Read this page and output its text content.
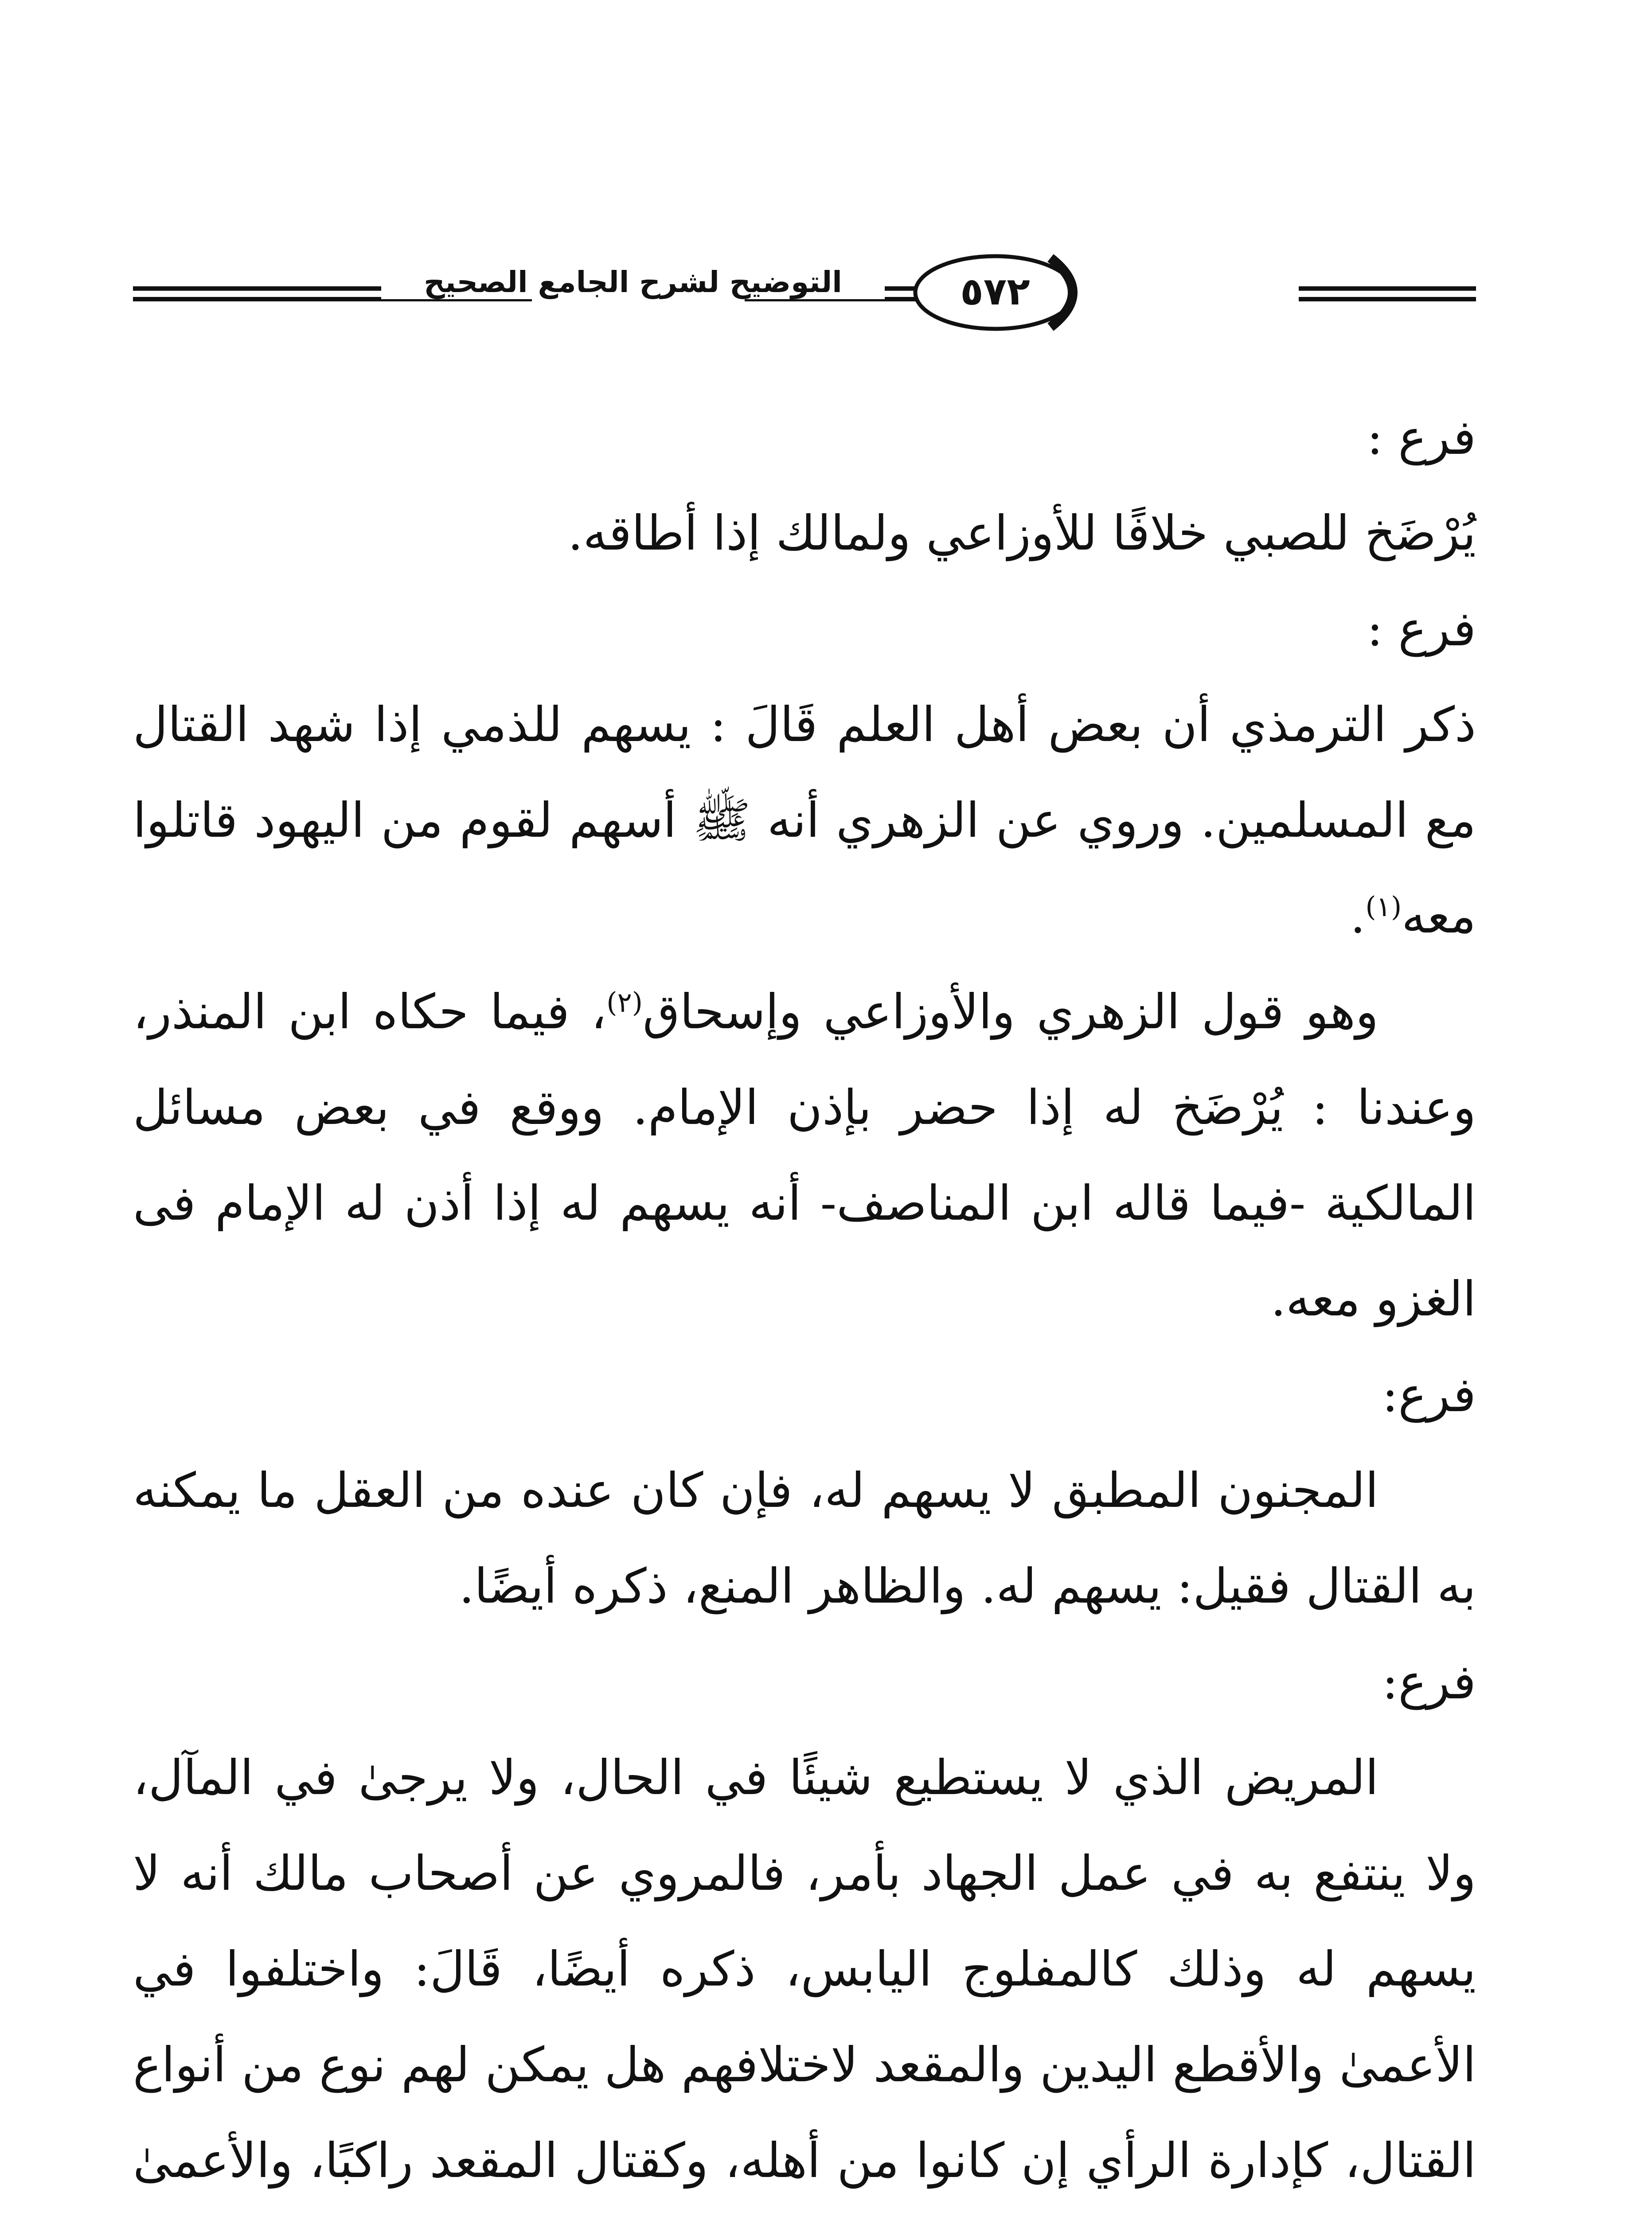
التوضيح لشرح الجامع الصحيح	٥٧٢

فرع :

يُرْضَخ للصبي خلافًا للأوزاعي ولمالك إذا أطاقه.

فرع :

ذكر الترمذي أن بعض أهل العلم قَالَ : يسهم للذمي إذا شهد القتال مع المسلمين. وروي عن الزهري أنه ﷺ أسهم لقوم من اليهود قاتلوا معه$^{(١)}$.

وهو قول الزهري والأوزاعي وإسحاق$^{(٢)}$، فيما حكاه ابن المنذر، وعندنا : يُرْضَخ له إذا حضر بإذن الإمام. ووقع في بعض مسائل المالكية -فيما قاله ابن المناصف- أنه يسهم له إذا أذن له الإمام فى الغزو معه.

فرع:

المجنون المطبق لا يسهم له، فإن كان عنده من العقل ما يمكنه به القتال فقيل: يسهم له. والظاهر المنع، ذكره أيضًا.

فرع:

المريض الذي لا يستطيع شيئًا في الحال، ولا يرجىٰ في المآل، ولا ينتفع به في عمل الجهاد بأمر، فالمروي عن أصحاب مالك أنه لا يسهم له وذلك كالمفلوج اليابس، ذكره أيضًا، قَالَ: واختلفوا في الأعمىٰ والأقطع اليدين والمقعد لاختلافهم هل يمكن لهم نوع من أنواع القتال، كإدارة الرأي إن كانوا من أهله، وكقتال المقعد راكبًا، والأعمىٰ
